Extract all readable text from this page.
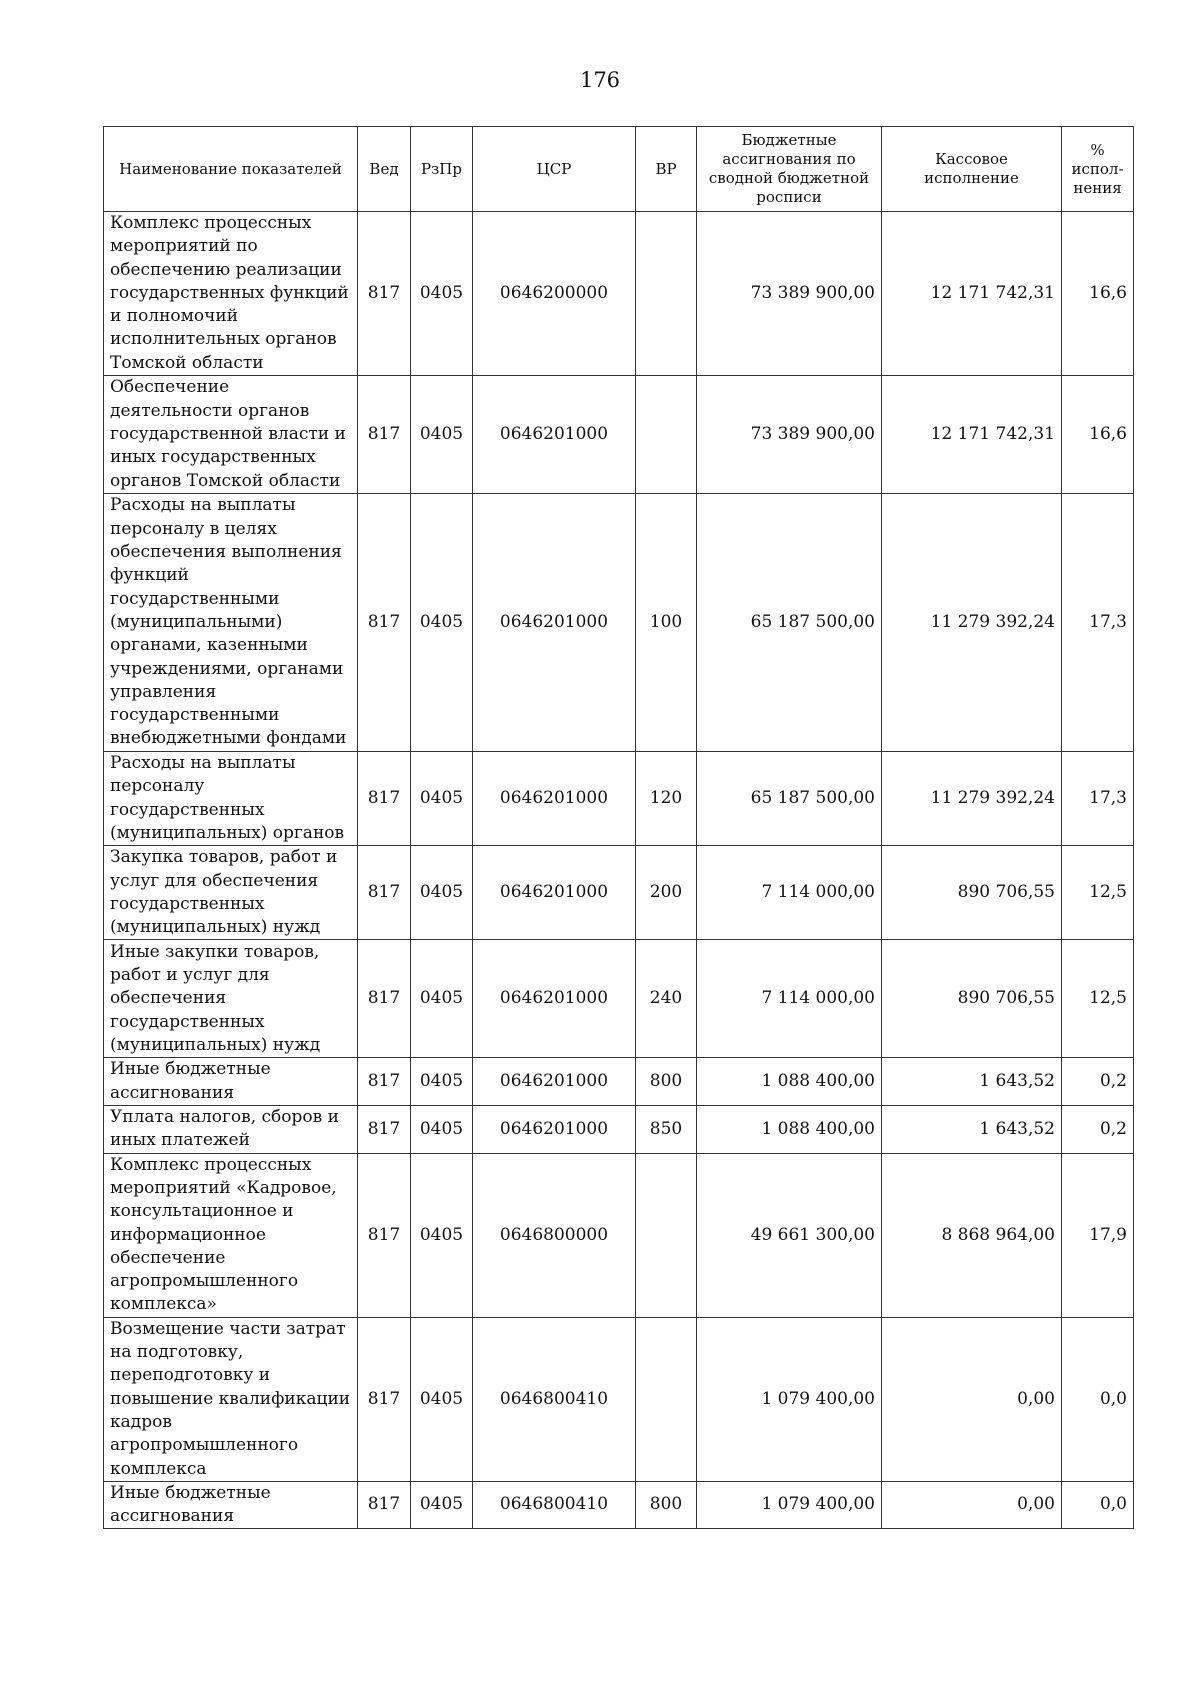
176
Наименование показателей	Вед	РзПр	ЦСР	ВР	Бюджетные ассигнования по сводной бюджетной росписи	Кассовое исполнение	% испол-нения
Комплекс процессных мероприятий по обеспечению реализации государственных функций и полномочий исполнительных органов Томской области	817	0405	0646200000		73 389 900,00	12 171 742,31	16,6
Обеспечение деятельности органов государственной власти и иных государственных органов Томской области	817	0405	0646201000		73 389 900,00	12 171 742,31	16,6
Расходы на выплаты персоналу в целях обеспечения выполнения функций государственными (муниципальными) органами, казенными учреждениями, органами управления государственными внебюджетными фондами	817	0405	0646201000	100	65 187 500,00	11 279 392,24	17,3
Расходы на выплаты персоналу государственных (муниципальных) органов	817	0405	0646201000	120	65 187 500,00	11 279 392,24	17,3
Закупка товаров, работ и услуг для обеспечения государственных (муниципальных) нужд	817	0405	0646201000	200	7 114 000,00	890 706,55	12,5
Иные закупки товаров, работ и услуг для обеспечения государственных (муниципальных) нужд	817	0405	0646201000	240	7 114 000,00	890 706,55	12,5
Иные бюджетные ассигнования	817	0405	0646201000	800	1 088 400,00	1 643,52	0,2
Уплата налогов, сборов и иных платежей	817	0405	0646201000	850	1 088 400,00	1 643,52	0,2
Комплекс процессных мероприятий «Кадровое, консультационное и информационное обеспечение агропромышленного комплекса»	817	0405	0646800000		49 661 300,00	8 868 964,00	17,9
Возмещение части затрат на подготовку, переподготовку и повышение квалификации кадров агропромышленного комплекса	817	0405	0646800410		1 079 400,00	0,00	0,0
Иные бюджетные ассигнования	817	0405	0646800410	800	1 079 400,00	0,00	0,0
